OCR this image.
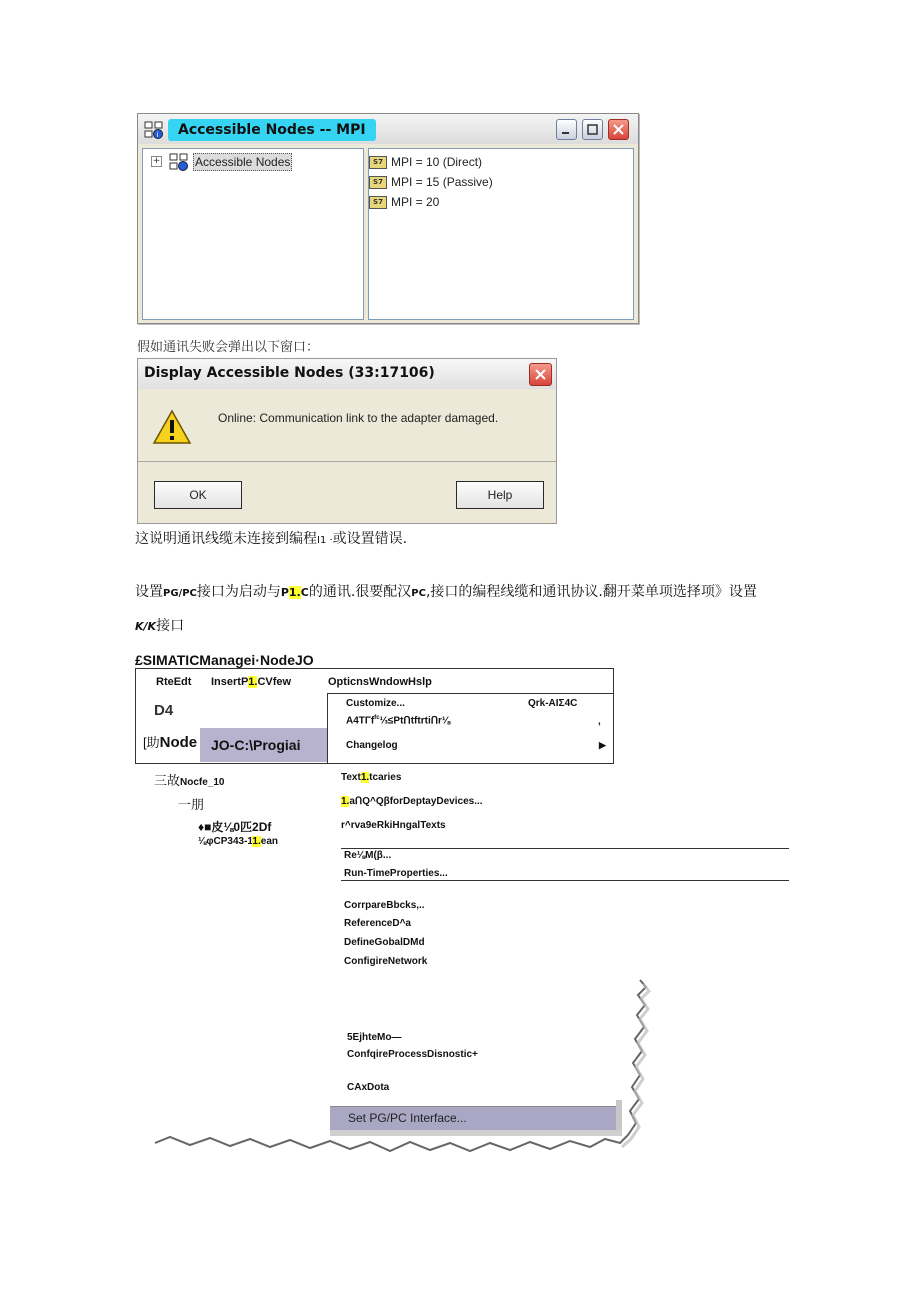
i	Accessible Nodes -- MPI
+	Accessible Nodes	S7 MPI = 10 (Direct)
S7 MPI = 15 (Passive)
S7 MPI = 20
假如通讯失败会弹出以下窗口：
Display Accessible Nodes (33:17106)
Online: Communication link to the adapter damaged.
OK	Help
这说明通讯线缆未连接到编程I1 ·或设置错误.
设置PG/PC接口为启动与P1.C的通讯.很要配汉PC,接口的编程线缆和通讯协议.翻开菜单项选择项》设置
K/K接口
£SIMATICManagei·NodeJO
RteEdt InsertP1.CVfew	OpticnsWndowHslp
D4	Customize...	Qrk-AIΣ4C
A4TΓf$^{fc}$⅓≤PtՈtftrtiՈr⅛	,
[助Node JO-C:\Progiai	Changelog	▶
三故Nocfe_10
一朋
♦■皮⅛0匹2Df
⅛φCP343-11.ean
Text1.tcaries
1.aՈQ^QβforDeptayDevices...
r^rva9eRkiHngalTexts
Re⅛M(β...
Run-TimeProperties...
CorrpareBbcks,..
ReferenceD^a
DefineGobalDMd
ConfigireNetwork
5EjhteMo—
ConfqireProcessDisnostic+
CAxDota
Set PG/PC Interface...
